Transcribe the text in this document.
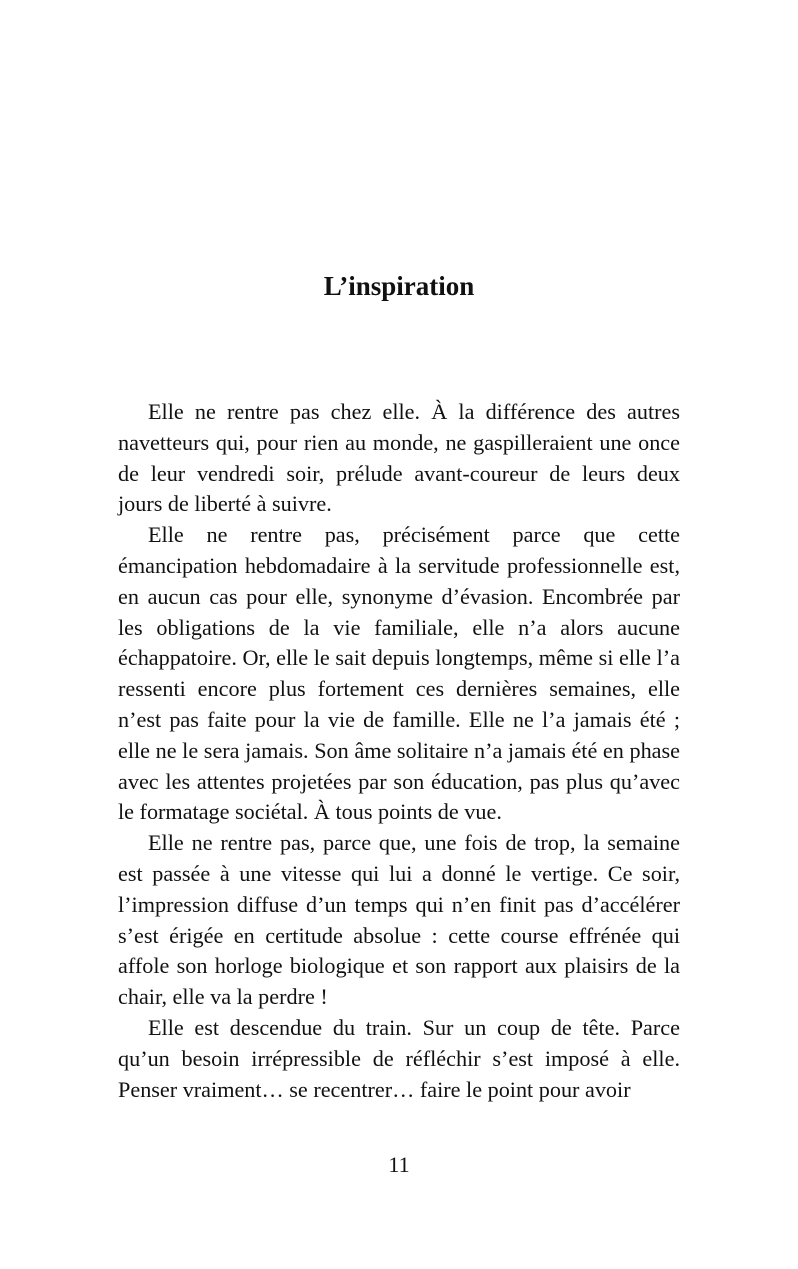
L’inspiration

Elle ne rentre pas chez elle. À la différence des autres navetteurs qui, pour rien au monde, ne gaspilleraient une once de leur vendredi soir, prélude avant-coureur de leurs deux jours de liberté à suivre.

Elle ne rentre pas, précisément parce que cette émancipation hebdomadaire à la servitude professionnelle est, en aucun cas pour elle, synonyme d’évasion. Encombrée par les obligations de la vie familiale, elle n’a alors aucune échappatoire. Or, elle le sait depuis longtemps, même si elle l’a ressenti encore plus fortement ces dernières semaines, elle n’est pas faite pour la vie de famille. Elle ne l’a jamais été ; elle ne le sera jamais. Son âme solitaire n’a jamais été en phase avec les attentes projetées par son éducation, pas plus qu’avec le formatage sociétal. À tous points de vue.

Elle ne rentre pas, parce que, une fois de trop, la semaine est passée à une vitesse qui lui a donné le vertige. Ce soir, l’impression diffuse d’un temps qui n’en finit pas d’accélérer s’est érigée en certitude absolue : cette course effrénée qui affole son horloge biologique et son rapport aux plaisirs de la chair, elle va la perdre !

Elle est descendue du train. Sur un coup de tête. Parce qu’un besoin irrépressible de réfléchir s’est imposé à elle. Penser vraiment… se recentrer… faire le point pour avoir

11
